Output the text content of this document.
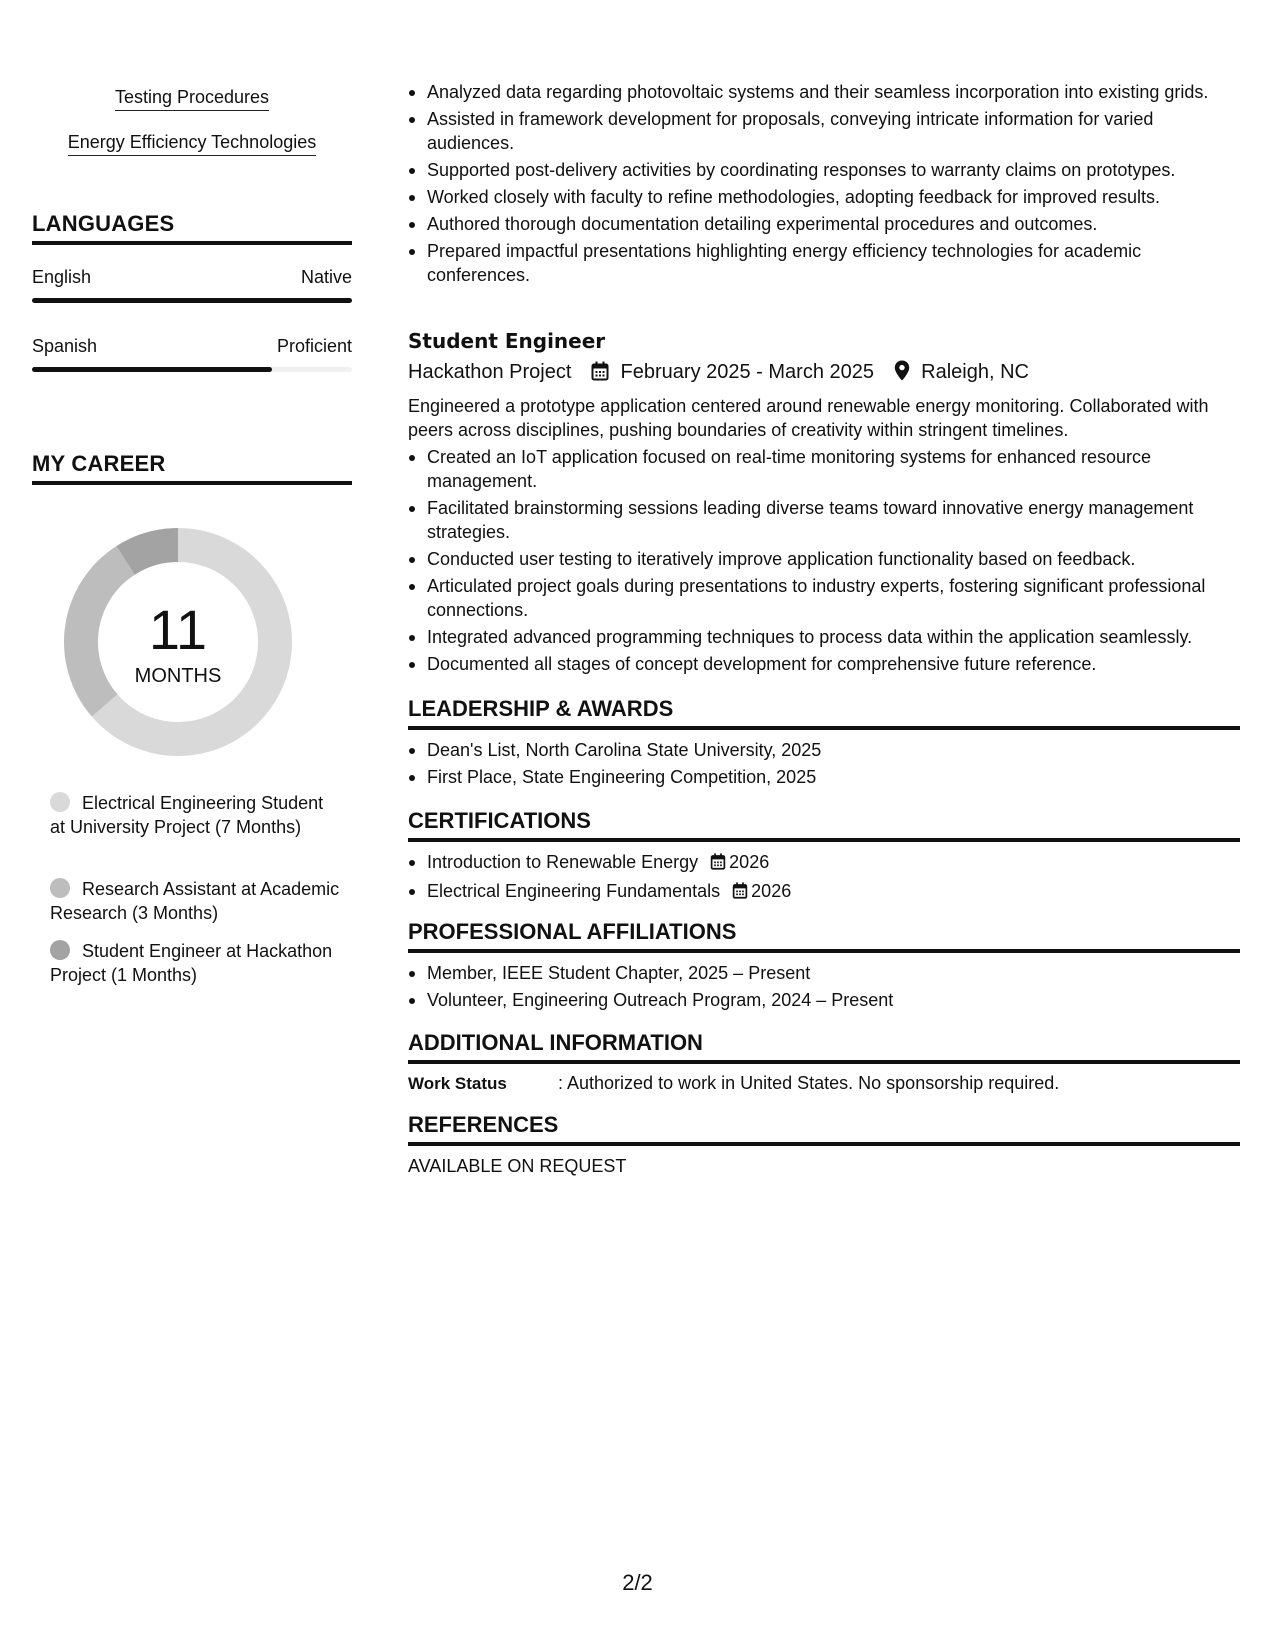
Testing Procedures
Energy Efficiency Technologies
LANGUAGES
English	Native
Spanish	Proficient
MY CAREER
11
MONTHS
Electrical Engineering Student at University Project (7 Months)
Research Assistant at Academic Research (3 Months)
Student Engineer at Hackathon Project (1 Months)
Analyzed data regarding photovoltaic systems and their seamless incorporation into existing grids.
Assisted in framework development for proposals, conveying intricate information for varied audiences.
Supported post-delivery activities by coordinating responses to warranty claims on prototypes.
Worked closely with faculty to refine methodologies, adopting feedback for improved results.
Authored thorough documentation detailing experimental procedures and outcomes.
Prepared impactful presentations highlighting energy efficiency technologies for academic conferences.
Student Engineer
Hackathon Project February 2025 - March 2025 Raleigh, NC
Engineered a prototype application centered around renewable energy monitoring. Collaborated with peers across disciplines, pushing boundaries of creativity within stringent timelines.
Created an IoT application focused on real-time monitoring systems for enhanced resource management.
Facilitated brainstorming sessions leading diverse teams toward innovative energy management strategies.
Conducted user testing to iteratively improve application functionality based on feedback.
Articulated project goals during presentations to industry experts, fostering significant professional connections.
Integrated advanced programming techniques to process data within the application seamlessly.
Documented all stages of concept development for comprehensive future reference.
LEADERSHIP & AWARDS
Dean's List, North Carolina State University, 2025
First Place, State Engineering Competition, 2025
CERTIFICATIONS
Introduction to Renewable Energy 2026
Electrical Engineering Fundamentals 2026
PROFESSIONAL AFFILIATIONS
Member, IEEE Student Chapter, 2025 – Present
Volunteer, Engineering Outreach Program, 2024 – Present
ADDITIONAL INFORMATION
Work Status	: Authorized to work in United States. No sponsorship required.
REFERENCES
AVAILABLE ON REQUEST
2/2
